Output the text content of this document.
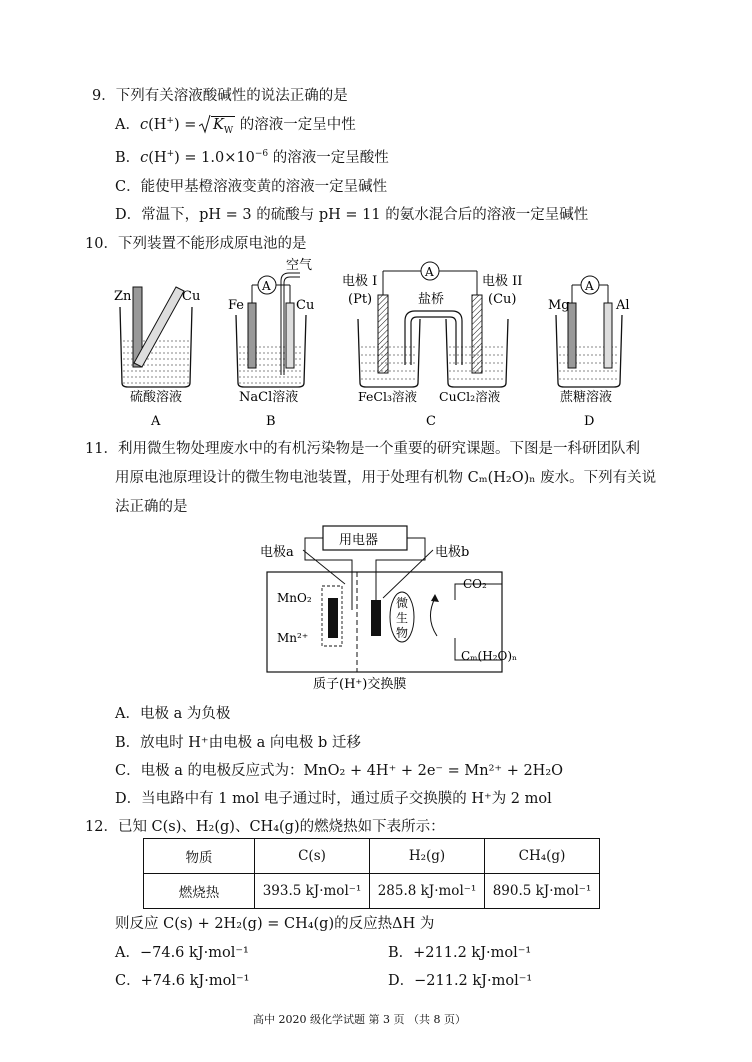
9．下列有关溶液酸碱性的说法正确的是
A．$c(H^+) = K_W$ 的溶液一定呈中性
B．$c(H^+) = 1.0\times 10^{-6}$ 的溶液一定呈酸性
C．能使甲基橙溶液变黄的溶液一定呈碱性
D．常温下，pH = 3 的硫酸与 pH = 11 的氨水混合后的溶液一定呈碱性
10．下列装置不能形成原电池的是
Zn	Cu
硫酸溶液
A
A
空气
Fe	Cu
NaCl溶液
B
A
电极 I
(Pt)
电极 II
(Cu)
盐桥
FeCl₃溶液 CuCl₂溶液
C
A
Mg	Al
蔗糖溶液
D
11．利用微生物处理废水中的有机污染物是一个重要的研究课题。下图是一科研团队利
用原电池原理设计的微生物电池装置，用于处理有机物 Cₘ(H₂O)ₙ 废水。下列有关说
法正确的是
用电器
电极a	电极b
微
生
物
MnO₂
Mn²⁺
CO₂
Cₘ(H₂O)ₙ
质子(H⁺)交换膜
A．电极 a 为负极
B．放电时 H⁺由电极 a 向电极 b 迁移
C．电极 a 的电极反应式为：MnO₂ + 4H⁺ + 2e⁻ = Mn²⁺ + 2H₂O
D．当电路中有 1 mol 电子通过时，通过质子交换膜的 H⁺为 2 mol
12．已知 C(s)、H₂(g)、CH₄(g)的燃烧热如下表所示：
物质	C(s)	H₂(g)	CH₄(g)
燃烧热	393.5 kJ·mol⁻¹	285.8 kJ·mol⁻¹	890.5 kJ·mol⁻¹
则反应 C(s) + 2H₂(g) = CH₄(g)的反应热ΔH 为
A．−74.6 kJ·mol⁻¹	B．+211.2 kJ·mol⁻¹
C．+74.6 kJ·mol⁻¹	D．−211.2 kJ·mol⁻¹
高中 2020 级化学试题 第 3 页 （共 8 页）
